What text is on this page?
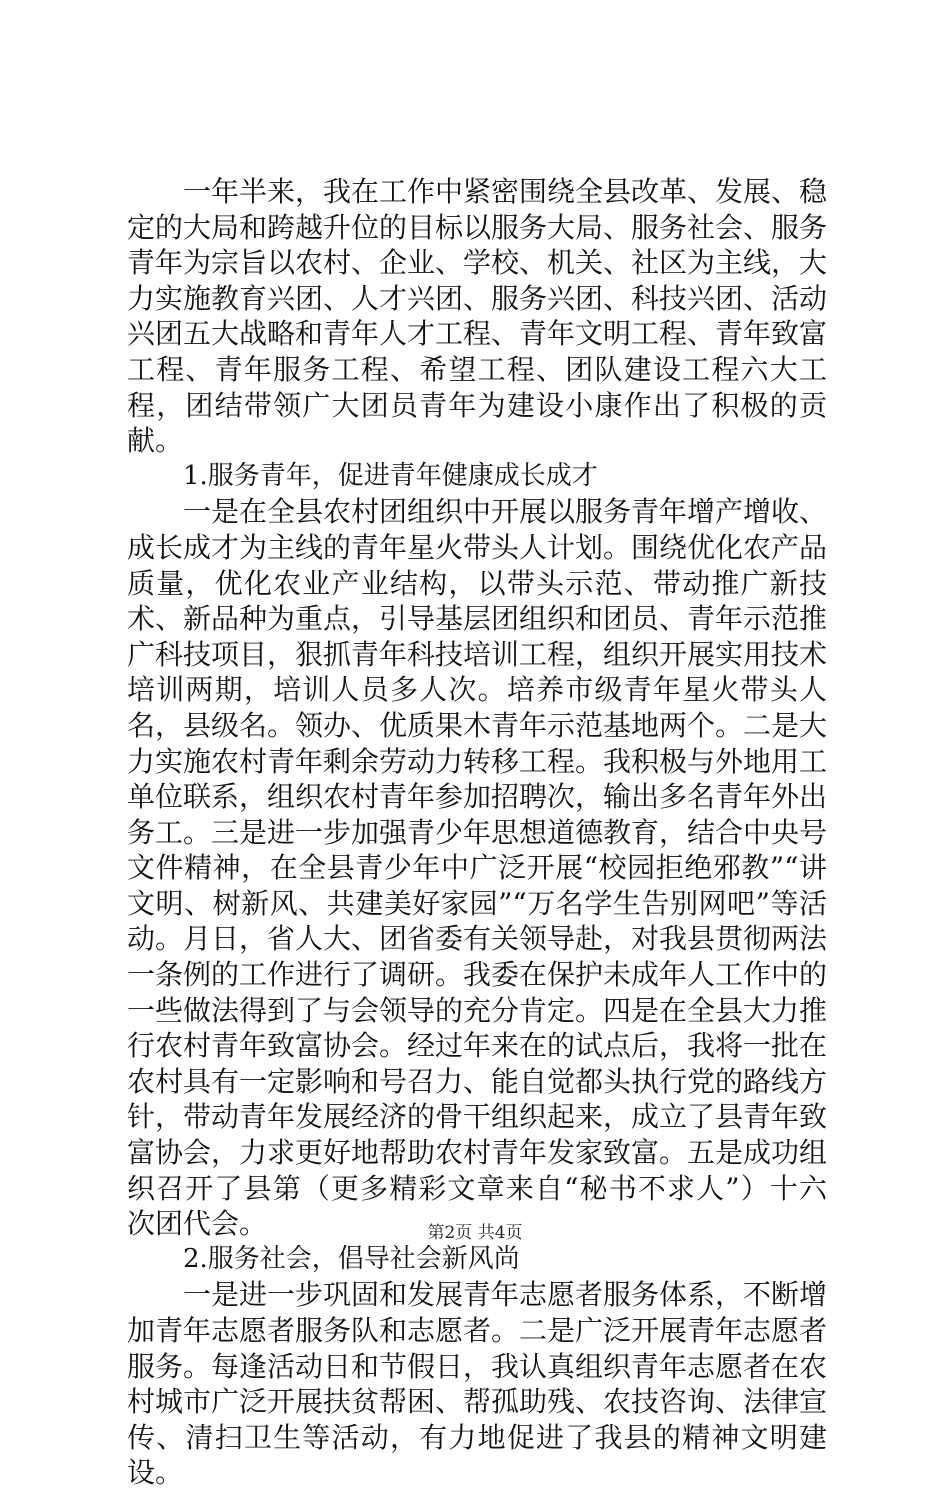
一年半来，我在工作中紧密围绕全县改革、发展、稳定的大局和跨越升位的目标以服务大局、服务社会、服务青年为宗旨以农村、企业、学校、机关、社区为主线，大力实施教育兴团、人才兴团、服务兴团、科技兴团、活动兴团五大战略和青年人才工程、青年文明工程、青年致富工程、青年服务工程、希望工程、团队建设工程六大工程，团结带领广大团员青年为建设小康作出了积极的贡献。

1.服务青年，促进青年健康成长成才

一是在全县农村团组织中开展以服务青年增产增收、成长成才为主线的青年星火带头人计划。围绕优化农产品质量，优化农业产业结构，以带头示范、带动推广新技术、新品种为重点，引导基层团组织和团员、青年示范推广科技项目，狠抓青年科技培训工程，组织开展实用技术培训两期，培训人员多人次。培养市级青年星火带头人名，县级名。领办、优质果木青年示范基地两个。二是大力实施农村青年剩余劳动力转移工程。我积极与外地用工单位联系，组织农村青年参加招聘次，输出多名青年外出务工。三是进一步加强青少年思想道德教育，结合中央号文件精神，在全县青少年中广泛开展“校园拒绝邪教”“讲文明、树新风、共建美好家园”“万名学生告别网吧”等活动。月日，省人大、团省委有关领导赴，对我县贯彻两法一条例的工作进行了调研。我委在保护未成年人工作中的一些做法得到了与会领导的充分肯定。四是在全县大力推行农村青年致富协会。经过年来在的试点后，我将一批在农村具有一定影响和号召力、能自觉都头执行党的路线方针，带动青年发展经济的骨干组织起来，成立了县青年致富协会，力求更好地帮助农村青年发家致富。五是成功组织召开了县第（更多精彩文章来自“秘书不求人”）十六次团代会。

2.服务社会，倡导社会新风尚

一是进一步巩固和发展青年志愿者服务体系，不断增加青年志愿者服务队和志愿者。二是广泛开展青年志愿者服务。每逢活动日和节假日，我认真组织青年志愿者在农村城市广泛开展扶贫帮困、帮孤助残、农技咨询、法律宣传、清扫卫生等活动，有力地促进了我县的精神文明建设。

第2页 共4页
